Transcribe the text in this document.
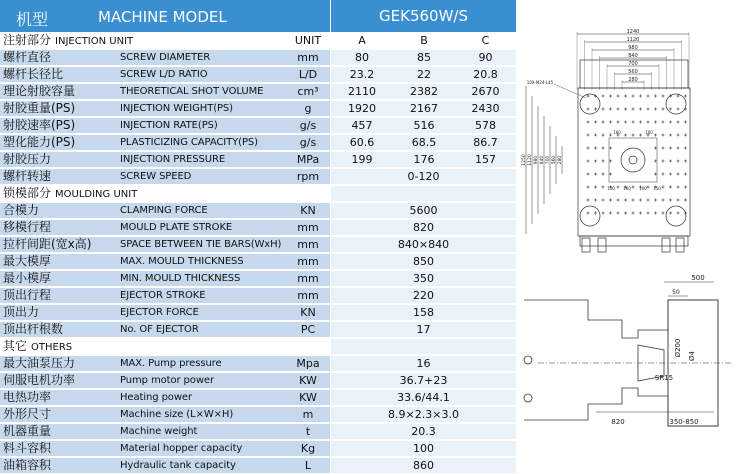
机型	MACHINE MODEL	GEK560W/S
注射部分 INJECTION UNIT	UNIT	A	B	C
螺杆直径	SCREW DIAMETER	mm	80	85	90
螺杆长径比	SCREW L/D RATIO	L/D	23.2	22	20.8
理论射胶容量	THEORETICAL SHOT VOLUME	cm³	2110	2382	2670
射胶重量(PS)	INJECTION WEIGHT(PS)	g	1920	2167	2430
射胶速率(PS)	INJECTION RATE(PS)	g/s	457	516	578
塑化能力(PS)	PLASTICIZING CAPACITY(PS)	g/s	60.6	68.5	86.7
射胶压力	INJECTION PRESSURE	MPa	199	176	157
螺杆转速	SCREW SPEED	rpm	0-120
锁模部分 MOULDING UNIT
合模力	CLAMPING FORCE	KN	5600
移模行程	MOULD PLATE STROKE	mm	820
拉杆间距(宽x高)	SPACE BETWEEN TIE BARS(WxH)	mm	840×840
最大模厚	MAX. MOULD THICKNESS	mm	850
最小模厚	MIN. MOULD THICKNESS	mm	350
顶出行程	EJECTOR STROKE	mm	220
顶出力	EJECTOR FORCE	KN	158
顶出杆根数	No. OF EJECTOR	PC	17
其它 OTHERS
最大油泵压力	MAX. Pump pressure	Mpa	16
伺服电机功率	Pump motor power	KW	36.7+23
电热功率	Heating power	KW	33.6/44.1
外形尺寸	Machine size (L×W×H)	m	8.9×2.3×3.0
机器重量	Machine weight	t	20.3
料斗容积	Material hopper capacity	Kg	100
油箱容积	Hydraulic tank capacity	L	860
1240
1120
980
840
700
560
280
1250 1120 980 840 700 560 280
10X-M24-L45
160	100
150 160 100 150
500
50
Ø200 Ø4
SR15
820	350-850
